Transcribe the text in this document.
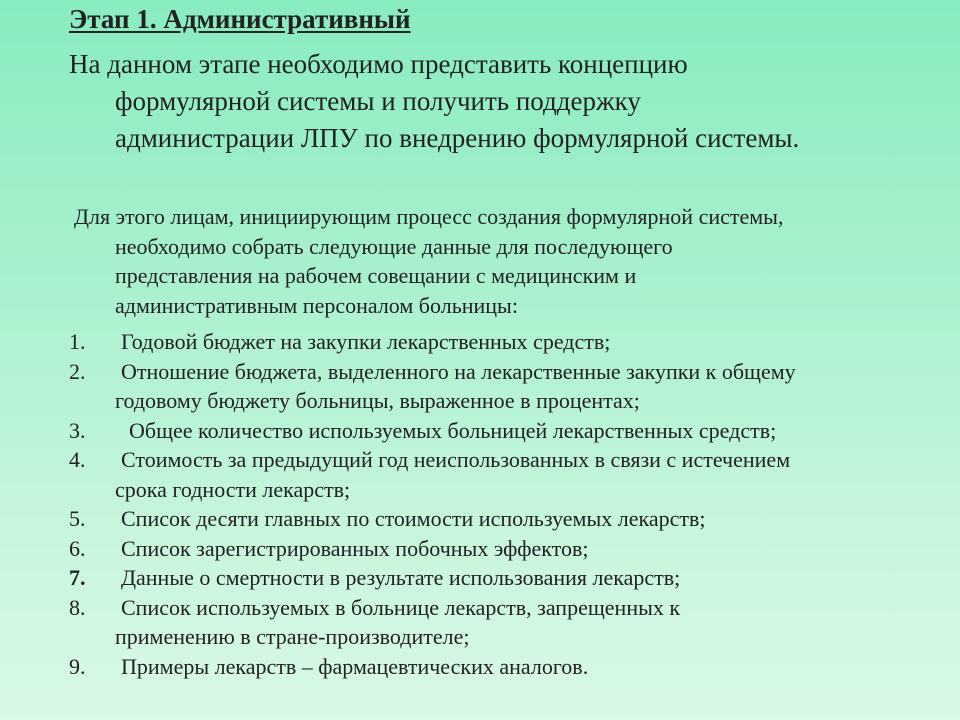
Этап 1. Административный
На данном этапе необходимо представить концепцию
формулярной системы и получить поддержку
администрации ЛПУ по внедрению формулярной системы.
Для этого лицам, инициирующим процесс создания формулярной системы,
необходимо собрать следующие данные для последующего
представления на рабочем совещании с медицинским и
административным персоналом больницы:
1. Годовой бюджет на закупки лекарственных средств;
2. Отношение бюджета, выделенного на лекарственные закупки к общему
годовому бюджету больницы, выраженное в процентах;
3.	Общее количество используемых больницей лекарственных средств;
4. Стоимость за предыдущий год неиспользованных в связи с истечением
срока годности лекарств;
5. Список десяти главных по стоимости используемых лекарств;
6. Список зарегистрированных побочных эффектов;
7. Данные о смертности в результате использования лекарств;
8. Список используемых в больнице лекарств, запрещенных к
применению в стране-производителе;
9. Примеры лекарств – фармацевтических аналогов.
